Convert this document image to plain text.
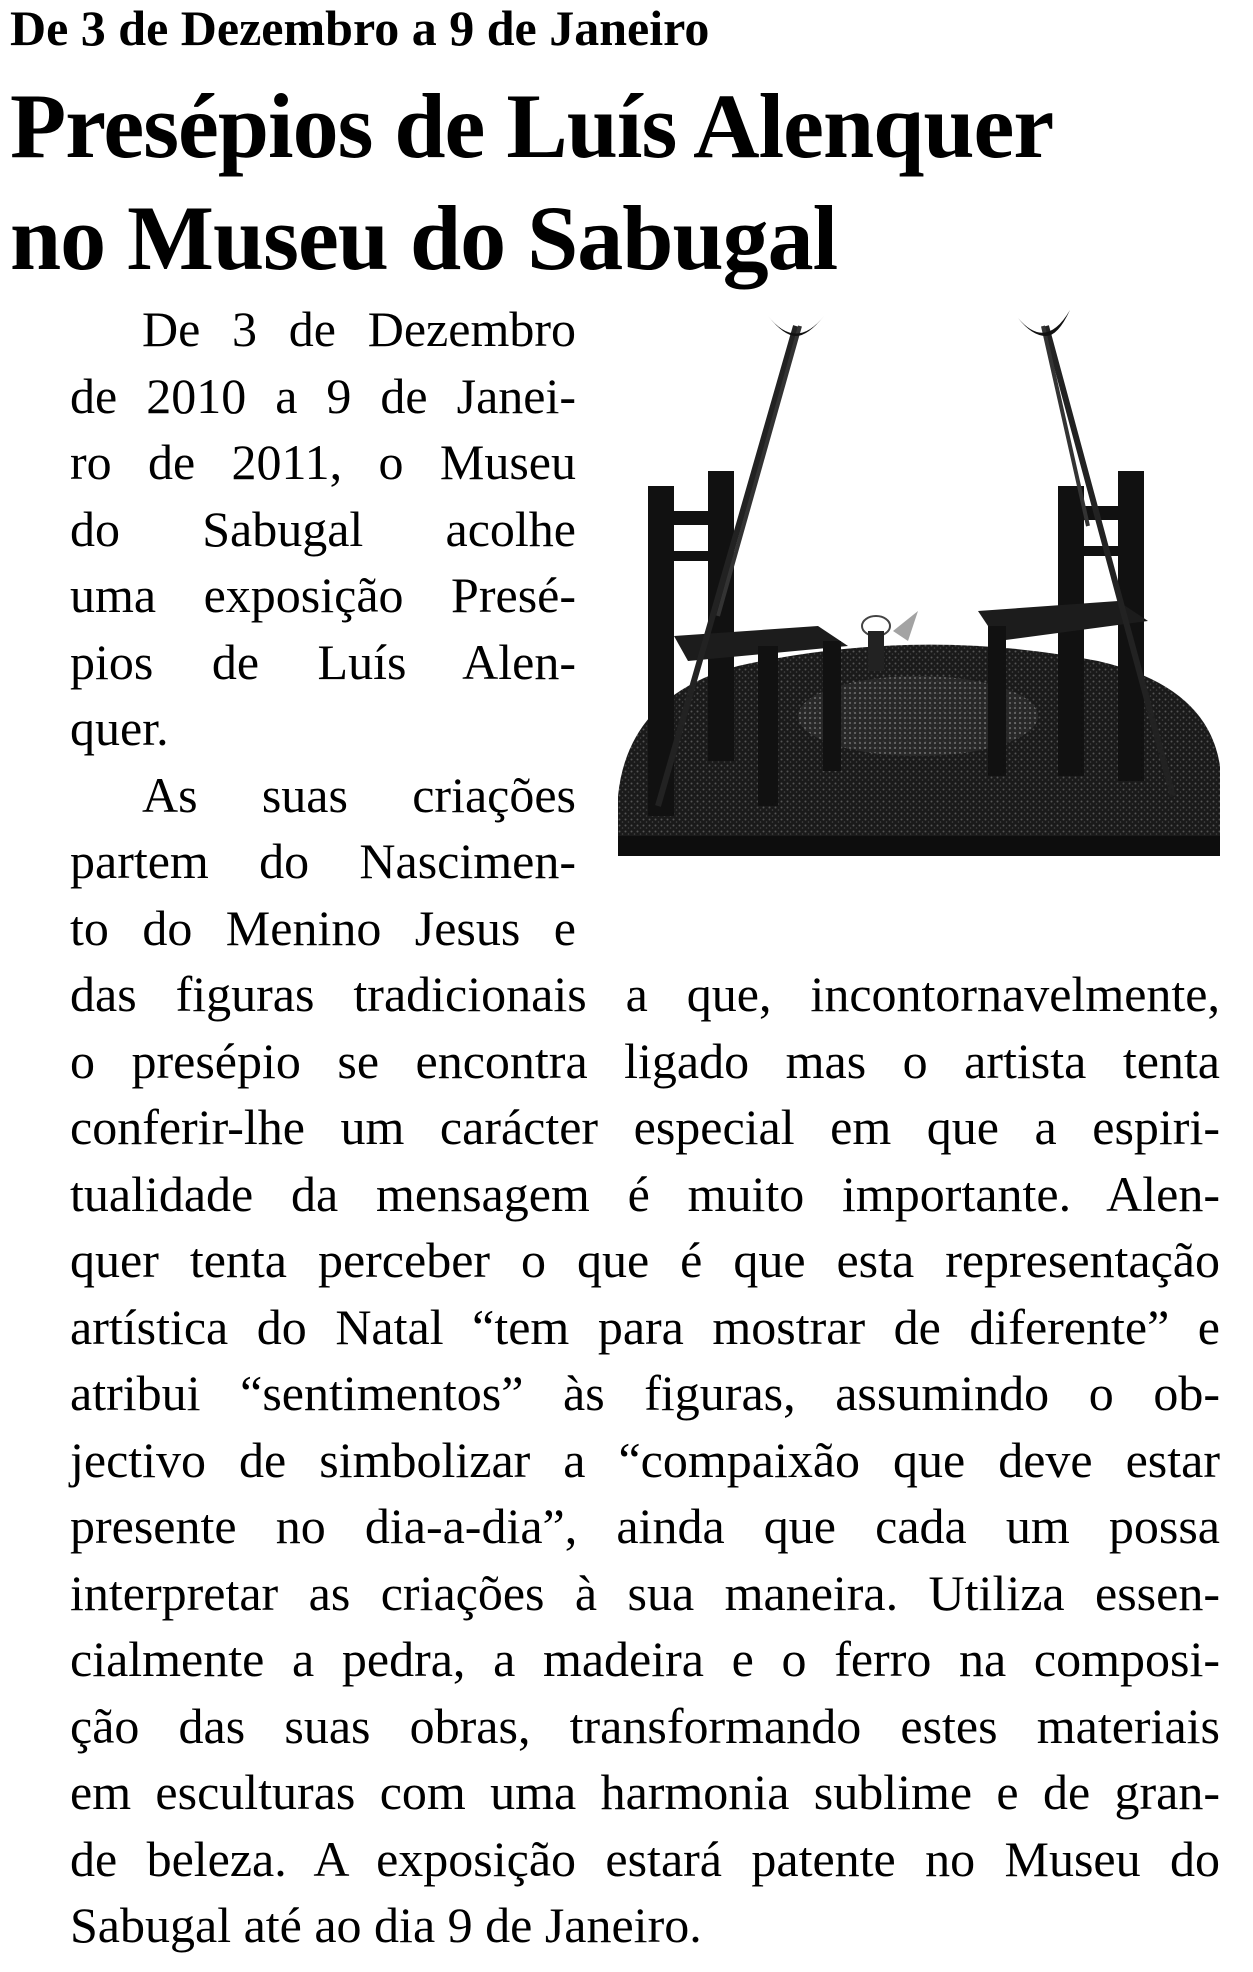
De 3 de Dezembro a 9 de Janeiro
Presépios de Luís Alenquer
no Museu do Sabugal
De 3 de Dezembro
de 2010 a 9 de Janei-
ro de 2011, o Museu
do Sabugal acolhe
uma exposição Presé-
pios de Luís Alen-
quer.
As suas criações
partem do Nascimen-
to do Menino Jesus e
das figuras tradicionais a que, incontornavelmente,
o presépio se encontra ligado mas o artista tenta
conferir-lhe um carácter especial em que a espiri-
tualidade da mensagem é muito importante. Alen-
quer tenta perceber o que é que esta representação
artística do Natal “tem para mostrar de diferente” e
atribui “sentimentos” às figuras, assumindo o ob-
jectivo de simbolizar a “compaixão que deve estar
presente no dia-a-dia”, ainda que cada um possa
interpretar as criações à sua maneira. Utiliza essen-
cialmente a pedra, a madeira e o ferro na composi-
ção das suas obras, transformando estes materiais
em esculturas com uma harmonia sublime e de gran-
de beleza. A exposição estará patente no Museu do
Sabugal até ao dia 9 de Janeiro.
